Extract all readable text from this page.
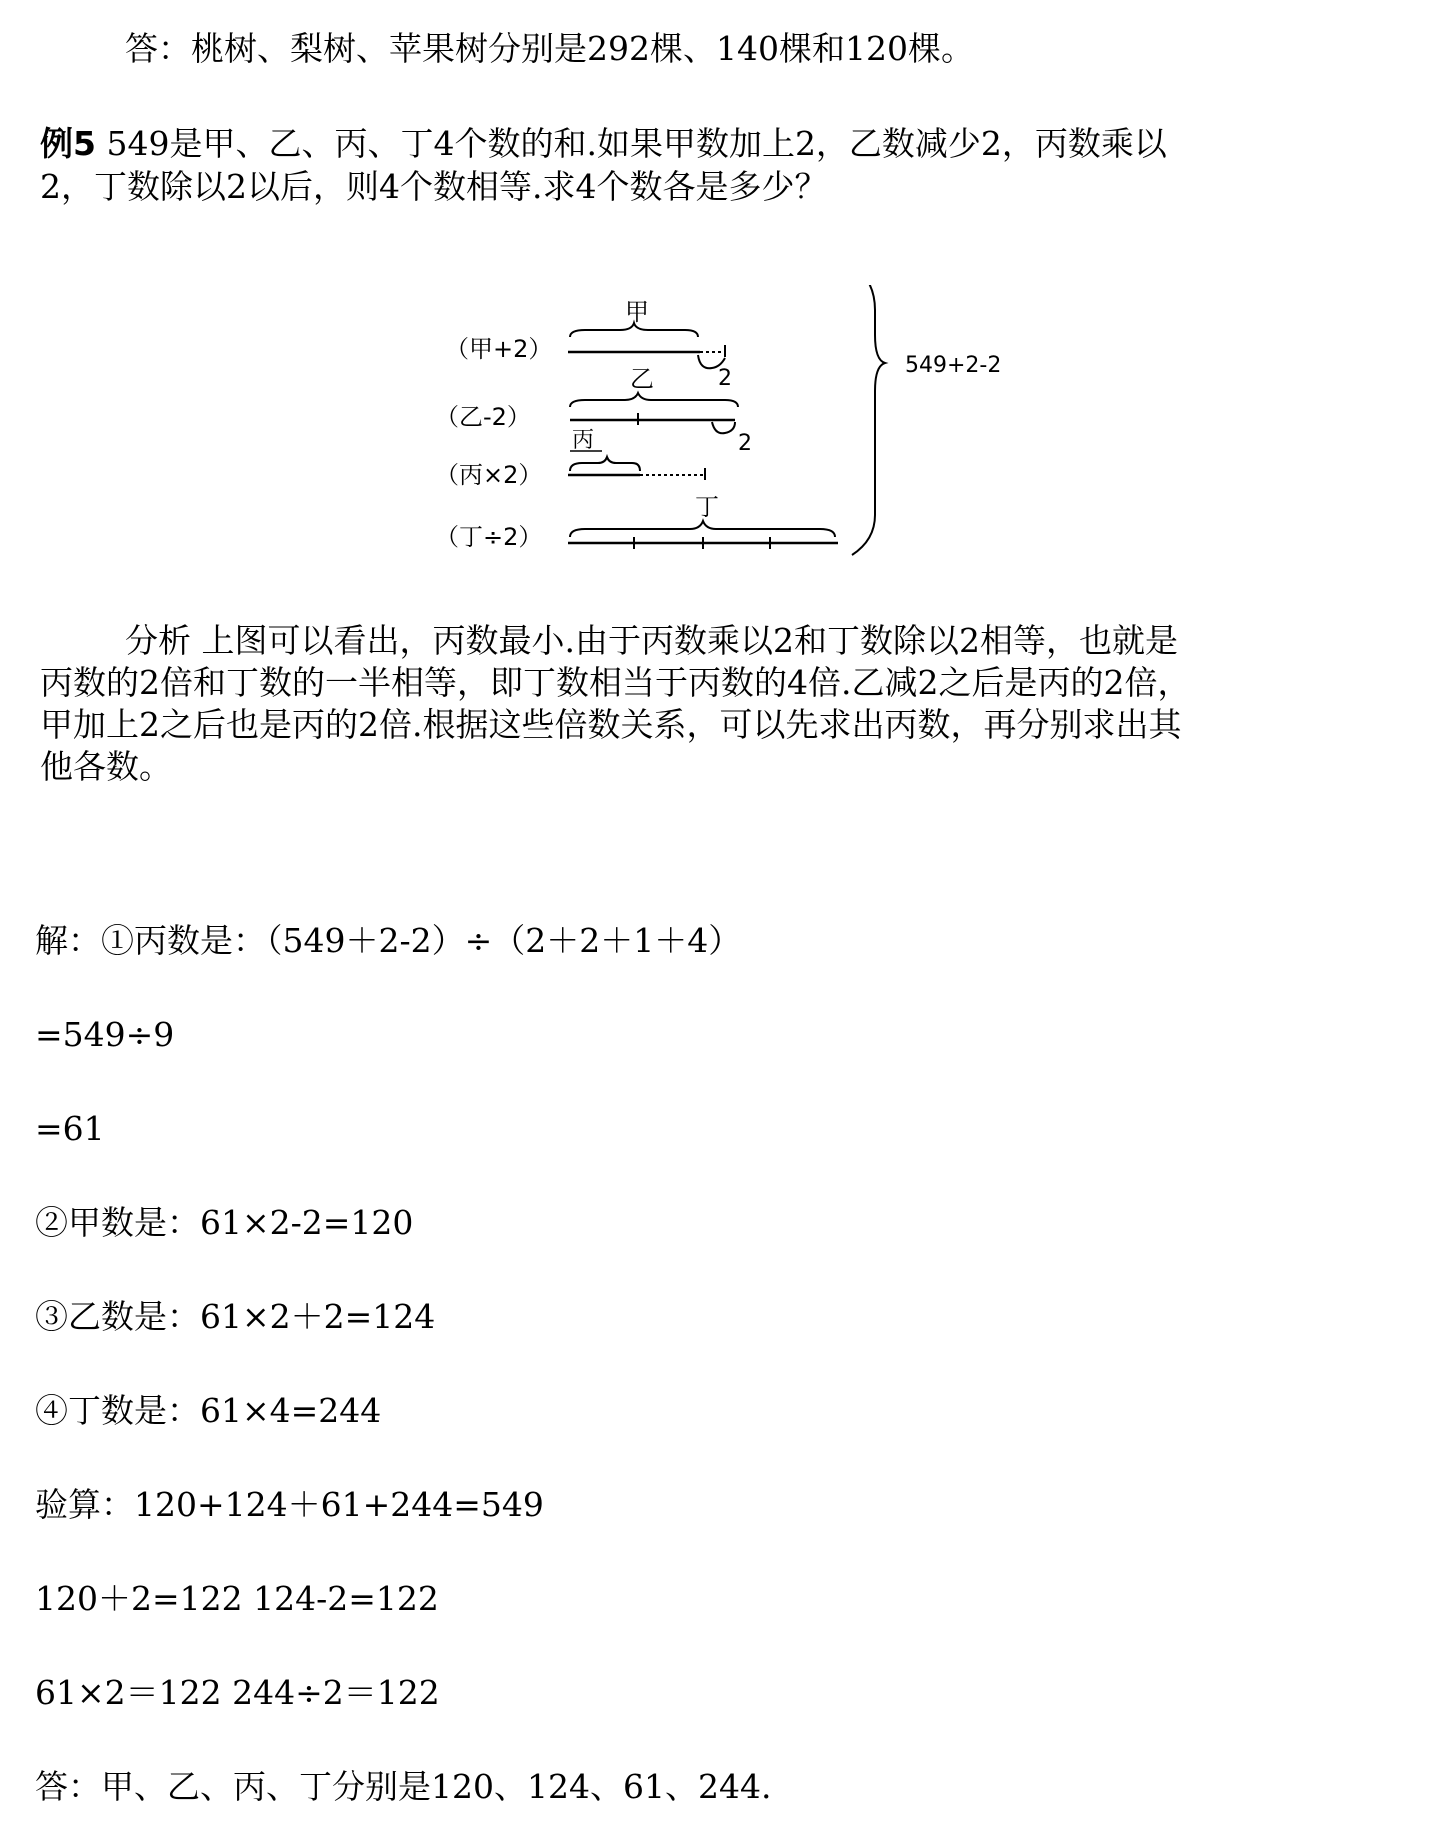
答：桃树、梨树、苹果树分别是292棵、140棵和120棵。
例5 549是甲、乙、丙、丁4个数的和.如果甲数加上2，乙数减少2，丙数乘以
2，丁数除以2以后，则4个数相等.求4个数各是多少？
（甲+2）
（乙-2）
（丙×2）
（丁÷2）
甲
2
乙
2
丙
丁
549+2-2
分析 上图可以看出，丙数最小.由于丙数乘以2和丁数除以2相等，也就是
丙数的2倍和丁数的一半相等，即丁数相当于丙数的4倍.乙减2之后是丙的2倍，
甲加上2之后也是丙的2倍.根据这些倍数关系，可以先求出丙数，再分别求出其
他各数。
解：①丙数是：（549＋2-2）÷（2＋2＋1＋4）
=549÷9
=61
②甲数是：61×2-2=120
③乙数是：61×2＋2=124
④丁数是：61×4=244
验算：120+124＋61+244=549
120＋2=122 124-2=122
61×2＝122 244÷2＝122
答：甲、乙、丙、丁分别是120、124、61、244.
